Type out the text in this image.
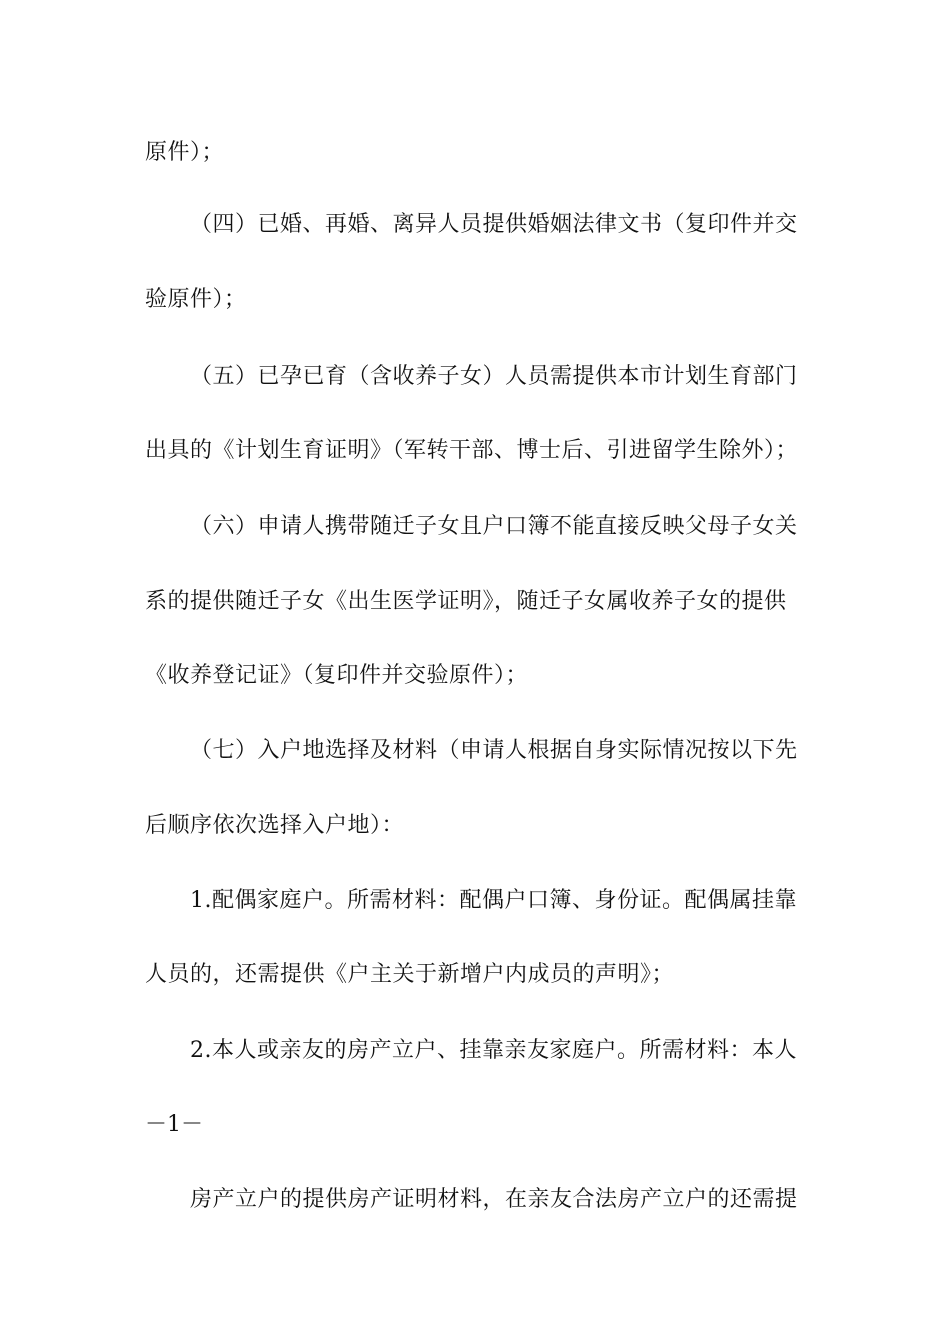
原件）；
（四）已婚、再婚、离异人员提供婚姻法律文书（复印件并交
验原件）；
（五）已孕已育（含收养子女）人员需提供本市计划生育部门
出具的《计划生育证明》（军转干部、博士后、引进留学生除外）；
（六）申请人携带随迁子女且户口簿不能直接反映父母子女关
系的提供随迁子女《出生医学证明》，随迁子女属收养子女的提供
《收养登记证》（复印件并交验原件）；
（七）入户地选择及材料（申请人根据自身实际情况按以下先
后顺序依次选择入户地）：
1.配偶家庭户。所需材料：配偶户口簿、身份证。配偶属挂靠
人员的，还需提供《户主关于新增户内成员的声明》；
2.本人或亲友的房产立户、挂靠亲友家庭户。所需材料：本人
－1－
房产立户的提供房产证明材料，在亲友合法房产立户的还需提
